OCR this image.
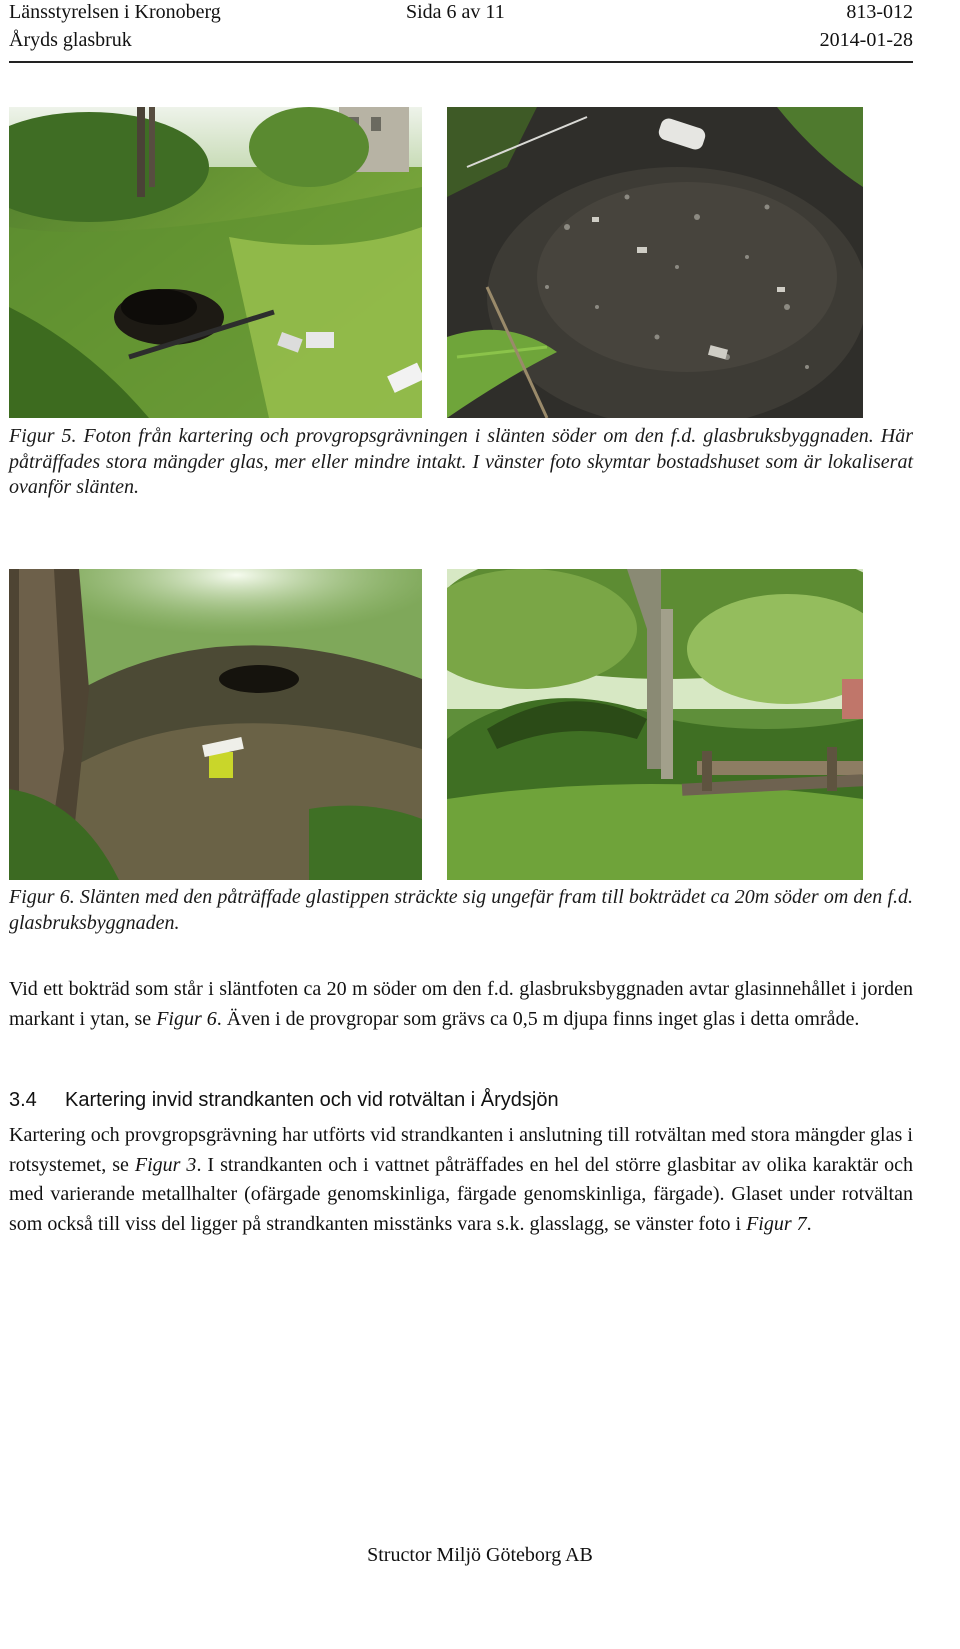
Länsstyrelsen i Kronoberg	Sida 6 av 11	813-012
Åryds glasbruk	2014-01-28
Figur 5. Foton från kartering och provgropsgrävningen i slänten söder om den f.d. glasbruksbyggnaden. Här påträffades stora mängder glas, mer eller mindre intakt. I vänster foto skymtar bostadshuset som är lokaliserat ovanför slänten.
Figur 6. Slänten med den påträffade glastippen sträckte sig ungefär fram till bokträdet ca 20m söder om den f.d. glasbruksbyggnaden.
Vid ett bokträd som står i släntfoten ca 20 m söder om den f.d. glasbruksbyggnaden avtar glasinnehållet i jorden markant i ytan, se Figur 6. Även i de provgropar som grävs ca 0,5 m djupa finns inget glas i detta område.
3.4 Kartering invid strandkanten och vid rotvältan i Årydsjön
Kartering och provgropsgrävning har utförts vid strandkanten i anslutning till rotvältan med stora mängder glas i rotsystemet, se Figur 3. I strandkanten och i vattnet påträffades en hel del större glasbitar av olika karaktär och med varierande metallhalter (ofärgade genomskinliga, färgade genomskinliga, färgade). Glaset under rotvältan som också till viss del ligger på strandkanten misstänks vara s.k. glasslagg, se vänster foto i Figur 7.
Structor Miljö Göteborg AB
